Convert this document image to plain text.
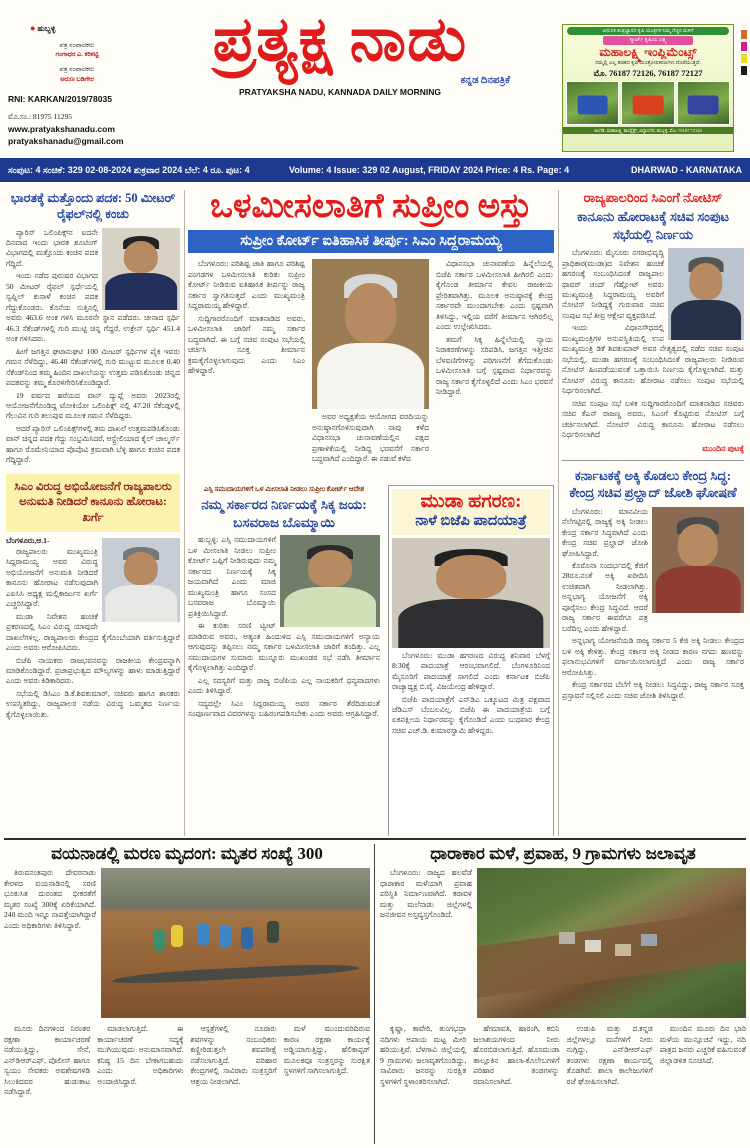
● ಹುಬ್ಬಳ್ಳಿ
ಪತ್ರ ಸಂಪಾದಕರು
ಗಂಗಾಧರ ಎ. ಕರಿಕಟ್ಟಿ
ಪತ್ರ ಸಂಪಾದಕರು
ಅರುಣ ಬಡಿಗೇರ
RNI: KARKAN/2019/78035
ಮೊ.ಸಂ.: 81975 11295
www.pratyakshanadu.com
pratyakshanadu@gmail.com
ಪ್ರತ್ಯಕ್ಷ ನಾಡು
ಕನ್ನಡ ದಿನಪತ್ರಿಕೆ
PRATYAKSHA NADU, KANNADA DAILY MORNING
ಆಧುನಿಕ ತಂತ್ರಜ್ಞಾನದ ಕೃಷಿ ಯಂತ್ರಗಳ ನಿಮ್ಮ ನೆಚ್ಚಿನ ಮಳಿಗೆ
ಸ್ಮಾರ್ಟ್ ಕೃಷಿಯ ಲಕ್ಷ್ಯ
ಮಹಾಲಕ್ಷ್ಮಿ ಇಂಪ್ಲಿಮೆಂಟ್ಸ್
ನಮ್ಮಲ್ಲಿ ಎಲ್ಲ ತರಹದ ಕೃಷಿ ಯಂತ್ರೋಪಕರಣಗಳು ದೊರೆಯುತ್ತವೆ.
ಮೊ. 76187 72126, 76187 72127
ಅಂಗಡಿ: ಮಹಾಲಕ್ಷ್ಮಿ ಕಾಂಪ್ಲೆಕ್ಸ್, ವಿದ್ಯಾನಗರ, ಹುಬ್ಬಳ್ಳಿ. ಮೊ: 76187 72126
ಸಂಪುಟ: 4 ಸಂಚಿಕೆ: 329 02-08-2024 ಶುಕ್ರವಾರ 2024 ಬೆಲೆ: 4 ರೂ. ಪುಟ: 4	Volume: 4 Issue: 329 02 August, FRIDAY 2024 Price: 4 Rs. Page: 4	DHARWAD - KARNATAKA
ಭಾರತಕ್ಕೆ ಮತ್ತೊಂದು ಪದಕ: 50 ಮೀಟರ್ ರೈಫಲ್‌ನಲ್ಲಿ ಕಂಚು

ಪ್ಯಾರಿಸ್ ಒಲಿಂಪಿಕ್ಸ್‌ನ ಐದನೇ ದಿನವಾದ ಇಂದು ಭಾರತ ಶೂಟಿಂಗ್ ವಿಭಾಗದಲ್ಲಿ ಮತ್ತೊಂದು ಕಂಚಿನ ಪದಕ ಗೆದ್ದಿದೆ.

ಇಂದು ನಡೆದ ಪುರುಷರ ವಿಭಾಗದ 50 ಮೀಟರ್ ರೈಫಲ್ ಸ್ಪರ್ಧೆಯಲ್ಲಿ ಸ್ವಪ್ನಿಲ್ ಕುಸಾಳೆ ಕಂಚಿನ ಪದಕ ಗೆದ್ದುಕೊಂಡರು. ಕೊನೆಯ ಸುತ್ತಿನಲ್ಲಿ ಅವರು 463.6 ಅಂಕ ಗಳಿಸಿ ಮೂರನೇ ಸ್ಥಾನ ಪಡೆದರು. ಚೀನಾದ ಸ್ಪರ್ಧಿ 46.3 ಸೆಕೆಂಡ್‌ಗಳಲ್ಲಿ ಗುರಿ ಮುಟ್ಟಿ ಚಿನ್ನ ಗೆದ್ದರೆ, ಉಕ್ರೇನ್ ಸ್ಪರ್ಧಿ 451.4 ಅಂಕ ಗಳಿಸಿದರು.

ಹೀಗೆ ಜಗತ್ತಿನ ಘಟಾನುಘಟಿ 100 ಮೀಟರ್ ಸ್ಪರ್ಧಿಗಳ ಪೈಕಿ ಇವರು ಗಮನ ಸೆಳೆದಿದ್ದು, 46.40 ಸೆಕೆಂಡ್‌ಗಳಲ್ಲಿ ಗುರಿ ಮುಟ್ಟುವ ಮೂಲಕ 0.40 ಸೆಕೆಂಡ್‌ನಿಂದ ತಮ್ಮ ಹಿಂದಿನ ದಾಖಲೆಯನ್ನು ಉತ್ತಮ ಪಡಿಸಿಕೊಂಡು ಚಿನ್ನದ ಪದಕವನ್ನು ತಮ್ಮ ಕೊರಳಿಗೇರಿಸಿಕೊಂಡಿದ್ದಾರೆ.

19 ವರ್ಷದ ಹರೆಯದ ವಾನ್ ದ್ಯುಪ್ಲೆ ಅವರು 2023ರಲ್ಲಿ ಆಯೋಜನೆಗೊಂಡಿದ್ದ ಟೋಕಿಯೋ ಒಲಿಂಪಿಕ್ಸ್ ನಲ್ಲಿ 47.20 ಸೆಕೆಂಡ್ಗಳಲ್ಲಿ ಗೆಲುವಿನ ಗುರಿ ತಲುಪುವ ಮೂಲಕ ಗಮನ ಸೆಳೆದಿದ್ದರು.

ಆದರೆ ಪ್ಯಾರಿಸ್ ಒಲಿಂಪಿಕ್ಸ್‌ಗಳಲ್ಲಿ ತಮ ದಾಖಲೆ ಉತ್ತಮಪಡಿಸಿಕೊಂಡು ವಾನ್ ಚಿನ್ನದ ಪದಕ ಗೆದ್ದು ಸಂಭ್ರಮಿಸಿದರೆ, ಆಸ್ಟ್ರೇಲಿಯಾದ ಕೈಲ್ ಚಾಲ್ಮರ್ಸ್ ಹಾಗೂ ರೊಮೇನಿಯಾದ ಪೊಪೊವಿ ಕ್ರಮವಾಗಿ ಬೆಳ್ಳಿ ಹಾಗೂ ಕಂಚಿನ ಪದಕ ಗೆದ್ದಿದ್ದಾರೆ.

ಸಿಎಂ ವಿರುದ್ಧ ಅಭಿಯೋಜನೆಗೆ ರಾಜ್ಯಪಾಲರು ಅನುಮತಿ ನೀಡಿದರೆ ಕಾನೂನು ಹೋರಾಟ: ಖರ್ಗೆ
ಬೆಂಗಳೂರು,ಆ.1-

ರಾಜ್ಯಪಾಲರು ಮುಖ್ಯಮಂತ್ರಿ ಸಿದ್ದರಾಮಯ್ಯ ಅವರ ವಿರುದ್ಧ ಅಭಿಯೋಜನೆಗೆ ಅನುಮತಿ ನೀಡಿದರೆ ಕಾನೂನು ಹೋರಾಟ ನಡೆಸುವುದಾಗಿ ಎಐಸಿಸಿ ಅಧ್ಯಕ್ಷ ಮಲ್ಲಿಕಾರ್ಜುನ ಖರ್ಗೆ ಎಚ್ಚರಿಸಿದ್ದಾರೆ.

ಮುಡಾ ನಿವೇಶನ ಹಂಚಿಕೆ ಪ್ರಕರಣದಲ್ಲಿ ಸಿಎಂ ವಿರುದ್ಧ ಯಾವುದೇ ದಾಖಲೆಗಳಿಲ್ಲ. ರಾಜ್ಯಪಾಲರು ಕೇಂದ್ರದ ಕೈಗೊಂಬೆಯಾಗಿ ವರ್ತಿಸುತ್ತಿದ್ದಾರೆ ಎಂದು ಅವರು ಆರೋಪಿಸಿದರು.

ಬಿಜೆಪಿ ನಾಯಕರು ರಾಜಭವನವನ್ನು ರಾಜಕೀಯ ಕೇಂದ್ರವನ್ನಾಗಿ ಮಾಡಿಕೊಂಡಿದ್ದಾರೆ. ಪ್ರಜಾಪ್ರಭುತ್ವದ ಮೌಲ್ಯಗಳನ್ನು ಹಾಳು ಮಾಡುತ್ತಿದ್ದಾರೆ ಎಂದು ಅವರು ಕಿಡಿಕಾರಿದರು.

ಸಭೆಯಲ್ಲಿ ಡಿಸಿಎಂ ಡಿ.ಕೆ.ಶಿವಕುಮಾರ್, ಸಚಿವರು ಹಾಗೂ ಶಾಸಕರು ಉಪಸ್ಥಿತರಿದ್ದು, ರಾಜ್ಯಪಾಲರ ನಡೆಯ ವಿರುದ್ಧ ಒಮ್ಮತದ ನಿರ್ಣಯ ಕೈಗೊಳ್ಳಲಾಯಿತು.

ಒಳಮೀಸಲಾತಿಗೆ ಸುಪ್ರೀಂ ಅಸ್ತು
ಸುಪ್ರೀಂ ಕೋರ್ಟ್ ಐತಿಹಾಸಿಕ ತೀರ್ಪು: ಸಿಎಂ ಸಿದ್ದರಾಮಯ್ಯ

ಬೆಂಗಳೂರು: ಪರಿಶಿಷ್ಟ ಜಾತಿ ಹಾಗೂ ಪರಿಶಿಷ್ಟ ಪಂಗಡಗಳ ಒಳಮೀಸಲಾತಿ ಕುರಿತು ಸುಪ್ರೀಂ ಕೋರ್ಟ್ ನೀಡಿರುವ ಐತಿಹಾಸಿಕ ತೀರ್ಪನ್ನು ರಾಜ್ಯ ಸರ್ಕಾರ ಸ್ವಾಗತಿಸುತ್ತದೆ ಎಂದು ಮುಖ್ಯಮಂತ್ರಿ ಸಿದ್ದರಾಮಯ್ಯ ಹೇಳಿದ್ದಾರೆ.

ಸುದ್ದಿಗಾರರೊಂದಿಗೆ ಮಾತನಾಡಿದ ಅವರು, ಒಳಮೀಸಲಾತಿ ಜಾರಿಗೆ ನಮ್ಮ ಸರ್ಕಾರ ಬದ್ಧವಾಗಿದೆ. ಈ ಬಗ್ಗೆ ಸಚಿವ ಸಂಪುಟ ಸಭೆಯಲ್ಲಿ ಚರ್ಚಿಸಿ ಸೂಕ್ತ ತೀರ್ಮಾನ ಕ್ರಮಕೈಗೊಳ್ಳಲಾಗುವುದು ಎಂದು ಸಿಎಂ ಹೇಳಿದ್ದಾರೆ.

ಅವರ ಅಧ್ಯಕ್ಷತೆಯ ಆಯೋಗದ ವರದಿಯನ್ನು ಅನುಷ್ಠಾನಗೊಳಿಸುವುದಾಗಿ ನಾವು ಕಳೆದ ವಿಧಾನಸಭಾ ಚುನಾವಣೆಯಲ್ಲಿನ ಪಕ್ಷದ ಪ್ರಣಾಳಿಕೆಯಲ್ಲಿ ನೀಡಿದ್ದ ಭರವಸೆಗೆ ಸರ್ಕಾರ ಬದ್ಧವಾಗಿದೆ ಎಂದಿದ್ದಾರೆ. ಈ ನಡುವೆ ಕಳೆದ

ವಿಧಾನಸಭಾ ಚುನಾವಣೆಯ ಹಿನ್ನೆಲೆಯಲ್ಲಿ ಬಿಜೆಪಿ ಸರ್ಕಾರ ಒಳಮೀಸಲಾತಿ ಹೀಗಿರಲಿ ಎಂದು ಕೈಗೊಂಡ ತೀರ್ಮಾನ ಕೇವಲ ರಾಜಕೀಯ ಪ್ರೇರಿತವಾಗಿತ್ತು. ಮೂಲಕ ಅನುಷ್ಠಾನಕ್ಕೆ ಕೇಂದ್ರ ಸರ್ಕಾರವೇ ಮುಂದಾಗಬೇಕು ಎಂದು ಸ್ಪಷ್ಟವಾಗಿ ತಿಳಿಸಿದ್ದು, ಇಲ್ಲಿಯ ವರೆಗೆ ತೀರ್ಮಾನ ಆಗಿರಲಿಲ್ಲ ಎಂದು ಉಲ್ಲೇಖಿಸಿದರು.

ತಮಗೆ ಸಿಕ್ಕ ಹಿನ್ನೆಲೆಯಲ್ಲಿ ನ್ಯಾಯ ನಿರಾಕರಣೆಗಳನ್ನು ಸರಿಪಡಿಸಿ, ಜಗತ್ತಿನ ಇತ್ತೀಚಿನ ಬೆಳವಣಿಗೆಗಳನ್ನು ಪರಿಗಣನೆಗೆ ತೆಗೆದುಕೊಂಡು ಒಳಮೀಸಲಾತಿ ಬಗ್ಗೆ ಸ್ಪಷ್ಟವಾದ ನಿರ್ಧಾರವನ್ನು ರಾಜ್ಯ ಸರ್ಕಾರ ಕೈಗೊಳ್ಳಲಿದೆ ಎಂದು ಸಿಎಂ ಭರವಸೆ ನೀಡಿದ್ದಾರೆ.

ಎಸ್ಸಿ ಸಮುದಾಯಗಳಿಗೆ ಒಳ ಮೀಸಲಾತಿ ನೀಡಲು ಸುಪ್ರೀಂ ಕೋರ್ಟ್ ಆದೇಶ
ನಮ್ಮ ಸರ್ಕಾರದ ನಿರ್ಣಯಕ್ಕೆ ಸಿಕ್ಕ ಜಯ: ಬಸವರಾಜ ಬೊಮ್ಮಾಯಿ

ಹುಬ್ಬಳ್ಳಿ: ಎಸ್ಸಿ ಸಮುದಾಯಗಳಿಗೆ ಒಳ ಮೀಸಲಾತಿ ನೀಡಲು ಸುಪ್ರೀಂ ಕೋರ್ಟ್ ಒಪ್ಪಿಗೆ ನೀಡಿರುವುದು ನಮ್ಮ ಸರ್ಕಾರದ ನಿರ್ಣಯಕ್ಕೆ ಸಿಕ್ಕ ಜಯವಾಗಿದೆ ಎಂದು ಮಾಜಿ ಮುಖ್ಯಮಂತ್ರಿ ಹಾಗೂ ಸಂಸದ ಬಸವರಾಜ ಬೊಮ್ಮಾಯಿ ಪ್ರತಿಕ್ರಿಯಿಸಿದ್ದಾರೆ.

ಈ ಕುರಿತು ಸರಣಿ ಟ್ವೀಟ್ ಮಾಡಿರುವ ಅವರು, ಅತ್ಯಂತ ಹಿಂದುಳಿದ ಎಸ್ಸಿ ಸಮುದಾಯಗಳಿಗೆ ಅನ್ಯಾಯ ಆಗುವುದನ್ನು ತಪ್ಪಿಸಲು ನಮ್ಮ ಸರ್ಕಾರ ಒಳಮೀಸಲಾತಿ ಜಾರಿಗೆ ತಂದಿತ್ತು. ಎಲ್ಲ ಸಮುದಾಯಗಳ ಸುಮಾರು ಮುನ್ನೂರು ಮುಖಂಡರ ಸಭೆ ನಡೆಸಿ ತೀರ್ಮಾನ ಕೈಗೊಳ್ಳಲಾಗಿತ್ತು ಎಂದಿದ್ದಾರೆ.

ಎಲ್ಲ ಸದಸ್ಯರಿಗೆ ಮತ್ತು ರಾಜ್ಯ ಬಿಜೆಪಿಯ ಎಲ್ಲ ನಾಯಕರಿಗೆ ಧನ್ಯವಾದಗಳು ಎಂದು ತಿಳಿಸಿದ್ದಾರೆ.

ಸದ್ಯದಲ್ಲೇ ಸಿಎಂ ಸಿದ್ದರಾಮಯ್ಯ ಅವರ ಸರ್ಕಾರ ತೆರೆದಿಡುವಂತೆ ಸಂಪೂರ್ಣವಾದ ವಿವರಗಳನ್ನು ಬಹಿರಂಗಪಡಿಸಬೇಕು ಎಂದು ಅವರು ಆಗ್ರಹಿಸಿದ್ದಾರೆ.

ಮುಡಾ ಹಗರಣ:
ನಾಳೆ ಬಿಜೆಪಿ ಪಾದಯಾತ್ರೆ

ಬೆಂಗಳೂರು: ಮುಡಾ ಹಗರಣದ ವಿರುದ್ಧ ಶನಿವಾರ ಬೆಳಗ್ಗೆ 8:30ಕ್ಕೆ ಪಾದಯಾತ್ರೆ ಆರಂಭವಾಗಲಿದೆ. ಬೆಂಗಳೂರಿನಿಂದ ಮೈಸೂರಿಗೆ ಪಾದಯಾತ್ರೆ ಸಾಗಲಿದೆ ಎಂದು ಕರ್ನಾಟಕ ಬಿಜೆಪಿ ರಾಜ್ಯಾಧ್ಯಕ್ಷ ಬಿ.ವೈ. ವಿಜಯೇಂದ್ರ ಹೇಳಿದ್ದಾರೆ.

ಬಿಜೆಪಿ ಪಾದಯಾತ್ರೆಗೆ ಎನ್‌ಡಿಎ ಒಕ್ಕೂಟದ ಮಿತ್ರ ಪಕ್ಷವಾದ ಜೆಡಿಎಸ್ ಬೆಂಬಲವಿಲ್ಲ. ಬಿಜೆಪಿ ಈ ಪಾದಯಾತ್ರೆಯ ಬಗ್ಗೆ ಏಕಪಕ್ಷೀಯ ನಿರ್ಧಾರವನ್ನು ಕೈಗೊಂಡಿದೆ ಎಂದು ಬುಧವಾರ ಕೇಂದ್ರ ಸಚಿವ ಎಚ್.ಡಿ. ಕುಮಾರಸ್ವಾಮಿ ಹೇಳಿದ್ದರು.

ರಾಜ್ಯಪಾಲರಿಂದ ಸಿಎಂಗೆ ನೋಟಿಸ್
ಕಾನೂನು ಹೋರಾಟಕ್ಕೆ ಸಚಿವ ಸಂಪುಟ ಸಭೆಯಲ್ಲಿ ನಿರ್ಣಯ

ಬೆಂಗಳೂರು: ಮೈಸೂರು ನಗರಾಭಿವೃದ್ಧಿ ಪ್ರಾಧಿಕಾರ(ಮುಡಾ)ದ ನಿವೇಶನ ಹಂಚಿಕೆ ಹಗರಣಕ್ಕೆ ಸಂಬಂಧಿಸಿದಂತೆ ರಾಜ್ಯಪಾಲ ಥಾವರ್ ಚಂದ್ ಗೆಹ್ಲೋಟ್ ಅವರು ಮುಖ್ಯಮಂತ್ರಿ ಸಿದ್ದರಾಮಯ್ಯ ಅವರಿಗೆ ನೋಟಿಸ್ ನೀಡಿದ್ದಕ್ಕೆ ಗುರುವಾರ ಸಚಿವ ಸಂಪುಟ ಸಭೆ ತೀವ್ರ ಆಕ್ಷೇಪ ವ್ಯಕ್ತಪಡಿಸಿದೆ.

ಇಂದು ವಿಧಾನಸೌಧದಲ್ಲಿ ಮುಖ್ಯಮಂತ್ರಿಗಳ ಅನುಪಸ್ಥಿತಿಯಲ್ಲಿ ಉಪ ಮುಖ್ಯಮಂತ್ರಿ ಡಿಕೆ ಶಿವಕುಮಾರ್ ಅವರ ನೇತೃತ್ವದಲ್ಲಿ ನಡೆದ ಸಚಿವ ಸಂಪುಟ ಸಭೆಯಲ್ಲಿ, ಮುಡಾ ಹಗರಣಕ್ಕೆ ಸಂಬಂಧಿಸಿದಂತೆ ರಾಜ್ಯಪಾಲರು ನೀಡಿರುವ ನೋಟಿಸ್ ಹಿಂಪಡೆಯುವಂತೆ ಒತ್ತಾಯಿಸಿ ನಿರ್ಣಯ ಕೈಗೊಳ್ಳಲಾಗಿದೆ. ಮತ್ತು ನೋಟಿಸ್ ವಿರುದ್ಧ ಕಾನೂನು ಹೋರಾಟ ನಡೆಸಲು ಸಂಪುಟ ಸಭೆಯಲ್ಲಿ ನಿರ್ಧರಿಸಲಾಗಿದೆ.

ಸಚಿವ ಸಂಪುಟ ಸಭೆ ಬಳಿಕ ಸುದ್ದಿಗಾರರೊಂದಿಗೆ ಮಾತನಾಡಿದ ಸಚಿವರು ಸಚಿವ ಕೆಎನ್ ರಾಜಣ್ಣ ಅವರು, ಸಿಎಂಗೆ ಕೊಟ್ಟಿರುವ ನೋಟಿಸ್ ಬಗ್ಗೆ ಚರ್ಚಿಸಲಾಗಿದೆ. ನೋಟಿಸ್ ವಿರುದ್ಧ ಕಾನೂನು ಹೋರಾಟ ನಡೆಸಲು ನಿರ್ಧರಿಸಲಾಗಿದೆ

ಮುಂದಿನ ಪುಟಕ್ಕೆ
ಕರ್ನಾಟಕಕ್ಕೆ ಅಕ್ಕಿ ಕೊಡಲು ಕೇಂದ್ರ ಸಿದ್ಧ: ಕೇಂದ್ರ ಸಚಿವ ಪ್ರಲ್ಹಾದ್ ಜೋಶಿ ಘೋಷಣೆ

ಬೆಂಗಳೂರು: ಮಾನವೀಯ ನೆಲೆಗಟ್ಟಿನಲ್ಲಿ ರಾಜ್ಯಕ್ಕೆ ಅಕ್ಕಿ ನೀಡಲು ಕೇಂದ್ರ ಸರ್ಕಾರ ಸಿದ್ಧವಾಗಿದೆ ಎಂದು ಕೇಂದ್ರ ಸಚಿವ ಪ್ರಲ್ಹಾದ್ ಜೋಶಿ ಘೋಷಿಸಿದ್ದಾರೆ.

ಕೊರೊನಾ ಸಂದರ್ಭದಲ್ಲಿ ಕೆಜಿಗೆ 28ರೂ.ನಂತೆ ಅಕ್ಕಿ ಖರೀದಿಸಿ ಉಚಿತವಾಗಿ ನೀಡಲಾಗಿತ್ತು. ಅನ್ನಭಾಗ್ಯ ಯೋಜನೆಗೆ ಅಕ್ಕಿ ಪೂರೈಸಲು ಕೇಂದ್ರ ಸಿದ್ಧವಿದೆ. ಆದರೆ ರಾಜ್ಯ ಸರ್ಕಾರ ಈವರೆಗೂ ಪತ್ರ ಬರೆದಿಲ್ಲ ಎಂದು ಹೇಳಿದ್ದಾರೆ.

ಅನ್ನಭಾಗ್ಯ ಯೋಜನೆಯಡಿ ರಾಜ್ಯ ಸರ್ಕಾರ 5 ಕೆಜಿ ಅಕ್ಕಿ ನೀಡಲು ಕೇಂದ್ರದ ಬಳಿ ಅಕ್ಕಿ ಕೇಳಿತ್ತು. ಕೇಂದ್ರ ಸರ್ಕಾರ ಅಕ್ಕಿ ನೀಡದ ಕಾರಣ ನಗದು ಹಣವನ್ನು ಫಲಾನುಭವಿಗಳಿಗೆ ವರ್ಗಾಯಿಸಲಾಗುತ್ತಿದೆ ಎಂದು ರಾಜ್ಯ ಸರ್ಕಾರ ಆರೋಪಿಸಿತ್ತು.

ಕೇಂದ್ರ ಸರ್ಕಾರದ ಬೆಲೆಗೆ ಅಕ್ಕಿ ನೀಡಲು ಸಿದ್ಧವಿದ್ದು, ರಾಜ್ಯ ಸರ್ಕಾರ ಸೂಕ್ತ ಪ್ರಸ್ತಾವನೆ ಸಲ್ಲಿಸಲಿ ಎಂದು ಸಚಿವ ಜೋಶಿ ತಿಳಿಸಿದ್ದಾರೆ.

ವಯನಾಡಲ್ಲಿ ಮರಣ ಮೃದಂಗ: ಮೃತರ ಸಂಖ್ಯೆ 300

ತಿರುವನಂತಪುರ: ದೇವರನಾಡು ಕೇರಳದ ವಯನಾಡಿನಲ್ಲಿ ಸರಣಿ ಭೂಕುಸಿತ ದುರಂತದ ಭೀಕರತೆಗೆ ಮೃತರ ಸಂಖ್ಯೆ 300ಕ್ಕೆ ಏರಿಕೆಯಾಗಿದೆ. 240 ಮಂದಿ ಇನ್ನೂ ನಾಪತ್ತೆಯಾಗಿದ್ದಾರೆ ಎಂದು ಅಧಿಕಾರಿಗಳು ತಿಳಿಸಿದ್ದಾರೆ.

ಮೂರು ದಿನಗಳಿಂದ ನಿರಂತರ ರಕ್ಷಣಾ ಕಾರ್ಯಾಚರಣೆ ನಡೆಯುತ್ತಿದ್ದು, ಸೇನೆ, ಎನ್‌ಡಿಆರ್‌ಎಫ್, ಪೊಲೀಸ್ ಹಾಗೂ ಸ್ವಯಂ ಸೇವಕರು ಅವಶೇಷಗಳಡಿ ಸಿಲುಕಿದವರ ಹುಡುಕಾಟ ನಡೆಸಿದ್ದಾರೆ.

ಮಾಡಲಾಗುತ್ತಿದೆ. ಈ ಕಾರ್ಯಾಚರಣೆ ಸದ್ಯಕ್ಕೆ ಮುಗಿಯುವುದು ಅನುಮಾನವಾಗಿದೆ. ಕನಿಷ್ಠ 15 ದಿನ ಬೇಕಾಗಬಹುದು ಎಂದು ಅಧಿಕಾರಿಗಳು ಅಂದಾಜಿಸಿದ್ದಾರೆ.

ಆಸ್ಪತ್ರೆಗಳಲ್ಲಿ ನೂರಾರು ಶವಗಳನ್ನು ಸಂಬಂಧಿಕರು ಕಣ್ಣೀರಿಡುತ್ತಲೇ ಶವಪರೀಕ್ಷೆ ನಡೆಸಲಾಗುತ್ತಿದೆ. ಪರಿಹಾರ ಕೇಂದ್ರಗಳಲ್ಲಿ ಸಾವಿರಾರು ಸಂತ್ರಸ್ತರಿಗೆ ಆಶ್ರಯ ನೀಡಲಾಗಿದೆ.

ಮಳೆ ಮುಂದುವರಿದಿರುವ ಕಾರಣ ರಕ್ಷಣಾ ಕಾರ್ಯಕ್ಕೆ ಅಡ್ಡಿಯಾಗುತ್ತಿದ್ದು, ಹೆಲಿಕಾಪ್ಟರ್ ಮೂಲಕವೂ ಸಂತ್ರಸ್ತರನ್ನು ಸುರಕ್ಷಿತ ಸ್ಥಳಗಳಿಗೆ ಸಾಗಿಸಲಾಗುತ್ತಿದೆ.

ಧಾರಾಕಾರ ಮಳೆ, ಪ್ರವಾಹ, 9 ಗ್ರಾಮಗಳು ಜಲಾವೃತ

ಬೆಂಗಳೂರು: ರಾಜ್ಯದ ಹಲವೆಡೆ ಧಾರಾಕಾರ ಮಳೆಯಾಗಿ ಪ್ರವಾಹ ಪರಿಸ್ಥಿತಿ ನಿರ್ಮಾಣವಾಗಿದೆ. ಕರಾವಳಿ ಮತ್ತು ಮಲೆನಾಡು ಜಿಲ್ಲೆಗಳಲ್ಲಿ ಜನಜೀವನ ಅಸ್ತವ್ಯಸ್ತಗೊಂಡಿದೆ.

ಕೃಷ್ಣಾ, ಕಾವೇರಿ, ತುಂಗಭದ್ರಾ ನದಿಗಳು ಅಪಾಯ ಮಟ್ಟ ಮೀರಿ ಹರಿಯುತ್ತಿವೆ. ಬೆಳಗಾವಿ ಜಿಲ್ಲೆಯಲ್ಲಿ 9 ಗ್ರಾಮಗಳು ಜಲಾವೃತಗೊಂಡಿದ್ದು, ಸಾವಿರಾರು ಜನರನ್ನು ಸುರಕ್ಷಿತ ಸ್ಥಳಗಳಿಗೆ ಸ್ಥಳಾಂತರಿಸಲಾಗಿದೆ.

ಹೇಮಾವತಿ, ಹಾರಂಗಿ, ಕಬಿನಿ ಜಲಾಶಯಗಳಿಂದ ನೀರು ಹೊರಬಿಡಲಾಗುತ್ತಿದೆ. ಹೊಸಮುಡಾ ತಾಲ್ಲೂಕಿನ ಹಾಲಾ-ಕೊಲೇಬಗಳಿಗೆ ಪರಿಹಾರ ತಂಡಗಳನ್ನು ರವಾನಿಸಲಾಗಿದೆ.

ಉಡುಪಿ ಮತ್ತು ದ.ಕನ್ನಡ ಜಿಲ್ಲೆಗಳಲ್ಲೂ ಮನೆಗಳಿಗೆ ನೀರು ನುಗ್ಗಿದ್ದು, ಎನ್‌ಡಿಆರ್‌ಎಫ್ ತಂಡಗಳು ರಕ್ಷಣಾ ಕಾರ್ಯದಲ್ಲಿ ತೊಡಗಿವೆ. ಶಾಲಾ ಕಾಲೇಜುಗಳಿಗೆ ರಜೆ ಘೋಷಿಸಲಾಗಿದೆ.

ಮುಂದಿನ ಮೂರು ದಿನ ಭಾರಿ ಮಳೆಯ ಮುನ್ಸೂಚನೆ ಇದ್ದು, ನದಿ ಪಾತ್ರದ ಜನರು ಎಚ್ಚರಿಕೆ ವಹಿಸುವಂತೆ ಜಿಲ್ಲಾಡಳಿತ ಸೂಚಿಸಿದೆ.
